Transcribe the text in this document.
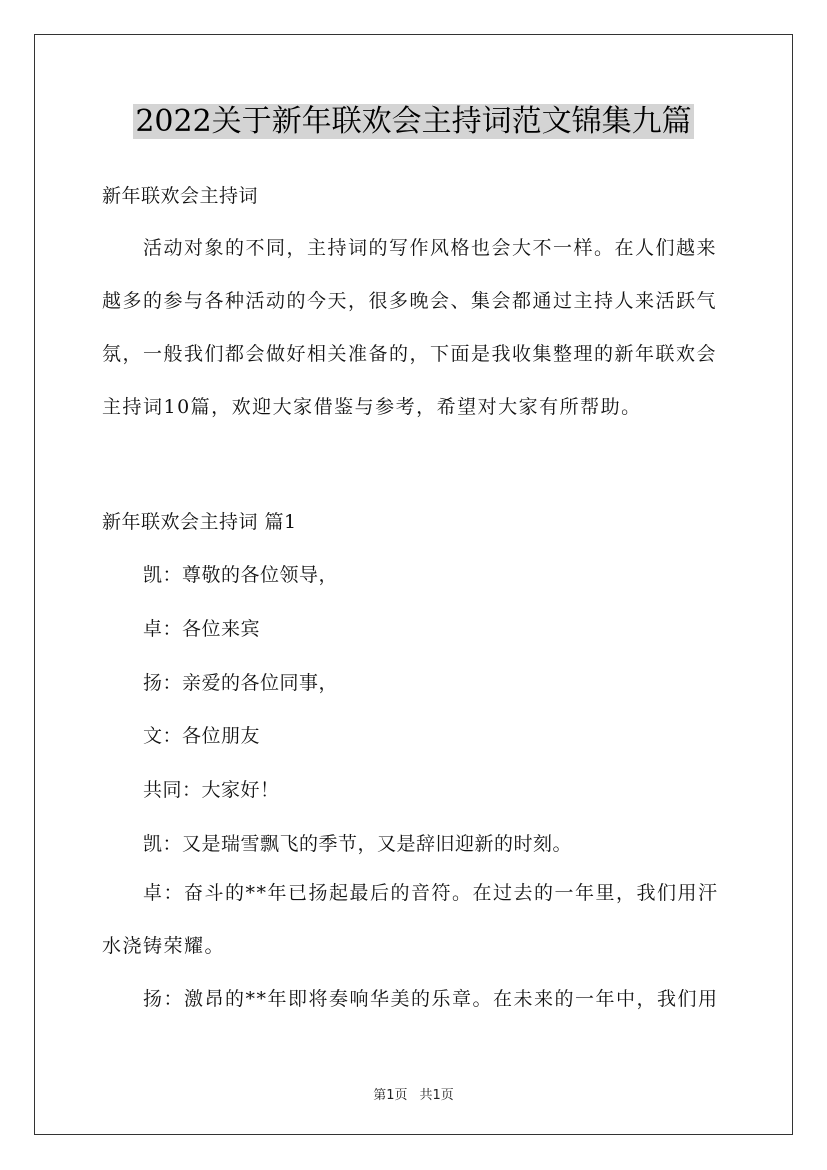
2022关于新年联欢会主持词范文锦集九篇
新年联欢会主持词
　　活动对象的不同，主持词的写作风格也会大不一样。在人们越来
越多的参与各种活动的今天，很多晚会、集会都通过主持人来活跃气
氛，一般我们都会做好相关准备的，下面是我收集整理的新年联欢会
主持词10篇，欢迎大家借鉴与参考，希望对大家有所帮助。
新年联欢会主持词 篇1
凯：尊敬的各位领导，
卓：各位来宾
扬：亲爱的各位同事，
文：各位朋友
共同：大家好！
凯：又是瑞雪飘飞的季节，又是辞旧迎新的时刻。
　　卓：奋斗的**年已扬起最后的音符。在过去的一年里，我们用汗
水浇铸荣耀。
　　扬：激昂的**年即将奏响华美的乐章。在未来的一年中，我们用
第1页 共1页
